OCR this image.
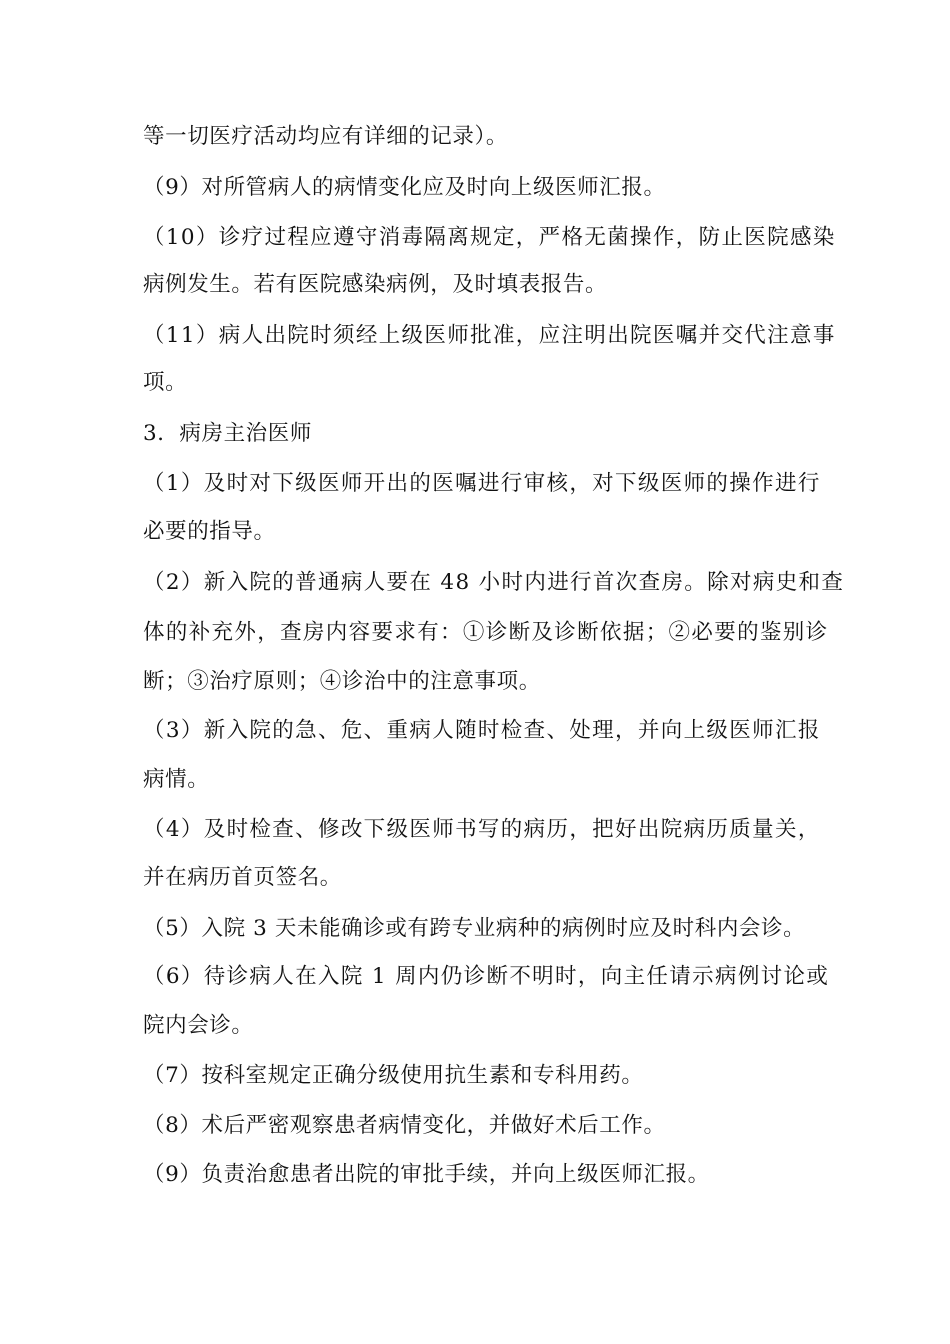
等一切医疗活动均应有详细的记录）。
（9）对所管病人的病情变化应及时向上级医师汇报。
（10）诊疗过程应遵守消毒隔离规定，严格无菌操作，防止医院感染
病例发生。若有医院感染病例，及时填表报告。
（11）病人出院时须经上级医师批准，应注明出院医嘱并交代注意事
项。
3．病房主治医师
（1）及时对下级医师开出的医嘱进行审核，对下级医师的操作进行
必要的指导。
（2）新入院的普通病人要在 48 小时内进行首次查房。除对病史和查
体的补充外，查房内容要求有：①诊断及诊断依据；②必要的鉴别诊
断；③治疗原则；④诊治中的注意事项。
（3）新入院的急、危、重病人随时检查、处理，并向上级医师汇报
病情。
（4）及时检查、修改下级医师书写的病历，把好出院病历质量关，
并在病历首页签名。
（5）入院 3 天未能确诊或有跨专业病种的病例时应及时科内会诊。
（6）待诊病人在入院 1 周内仍诊断不明时，向主任请示病例讨论或
院内会诊。
（7）按科室规定正确分级使用抗生素和专科用药。
（8）术后严密观察患者病情变化，并做好术后工作。
（9）负责治愈患者出院的审批手续，并向上级医师汇报。
